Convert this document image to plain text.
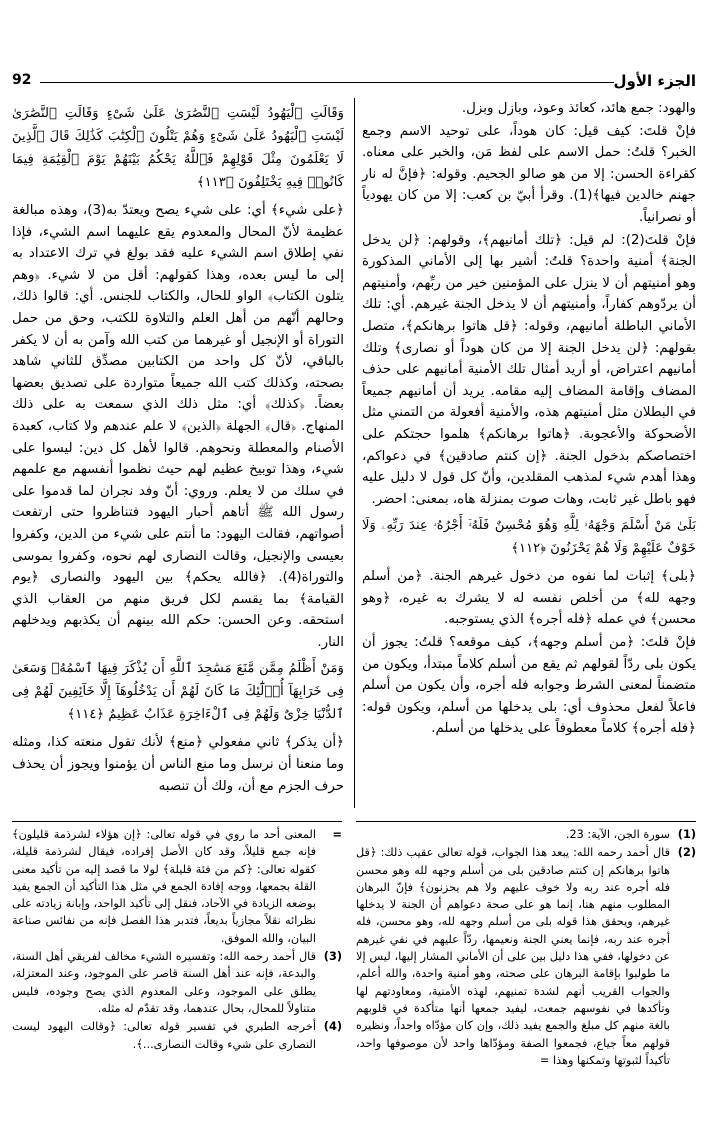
الجزء الأول
92

والهود: جمع هائد، كعائذ وعوذ، وبازل وبزل.

فإنْ قلتَ: كيف قيل: كان هوداً، على توحيد الاسم وجمع الخبر؟ قلتُ: حمل الاسم على لفظ مَن، والخبر على معناه. كقراءة الحسن: إلا من هو صالو الجحيم. وقوله: ﴿فإنَّ له نار جهنم خالدين فيها﴾(1). وقرأ أبيّ بن كعب: إلا من كان يهودياً أو نصرانياً.

فإنْ قلتَ(2): لم قيل: ﴿تلك أمانيهم﴾، وقولهم: ﴿لن يدخل الجنة﴾ أمنية واحدة؟ قلتُ: أشير بها إلى الأماني المذكورة وهو أمنيتهم أن لا ينزل على المؤمنين خير من ربِّهم، وأمنيتهم أن يردّوهم كفاراً، وأمنيتهم أن لا يدخل الجنة غيرهم. أي: تلك الأماني الباطلة أمانيهم، وقوله: ﴿قل هاتوا برهانكم﴾، متصل بقولهم: ﴿لن يدخل الجنة إلا من كان هوداً أو نصارى﴾ وتلك أمانيهم اعتراض، أو أريد أمثال تلك الأمنية أمانيهم على حذف المضاف وإقامة المضاف إليه مقامه. يريد أن أمانيهم جميعاً في البطلان مثل أمنيتهم هذه، والأمنية أفعولة من التمني مثل الأضحوكة والأعجوبة. ﴿هاتوا برهانكم﴾ هلموا حجتكم على اختصاصكم بدخول الجنة. ﴿إن كنتم صادقين﴾ في دعواكم، وهذا أهدم شيء لمذهب المقلدين، وأنّ كل قول لا دليل عليه فهو باطل غير ثابت، وهات صوت بمنزلة هاه، بمعنى: احضر.

بَلَىٰ مَنْ أَسْلَمَ وَجْهَهُۥ لِلَّهِ وَهُوَ مُحْسِنٌ فَلَهُۥٓ أَجْرُهُۥ عِندَ رَبِّهِۦ وَلَا خَوْفٌ عَلَيْهِمْ وَلَا هُمْ يَحْزَنُونَ ﴿١١٢﴾

﴿بلى﴾ إثبات لما نفوه من دخول غيرهم الجنة. ﴿من أسلم وجهه لله﴾ من أخلص نفسه له لا يشرك به غيره، ﴿وهو محسن﴾ في عمله ﴿فله أجره﴾ الذي يستوجبه.

فإنْ قلتَ: ﴿من أسلم وجهه﴾، كيف موقعه؟ قلتُ: يجوز أن يكون بلى ردّاً لقولهم ثم يقع من أسلم كلاماً مبتدأ، ويكون من متضمناً لمعنى الشرط وجوابه فله أجره، وأن يكون من أسلم فاعلاً لفعل محذوف أي: بلى يدخلها من أسلم، ويكون قوله: ﴿فله أجره﴾ كلاماً معطوفاً على يدخلها من أسلم.

وَقَالَتِ ٱلْيَهُودُ لَيْسَتِ ٱلنَّصَٰرَىٰ عَلَىٰ شَىْءٍ وَقَالَتِ ٱلنَّصَٰرَىٰ لَيْسَتِ ٱلْيَهُودُ عَلَىٰ شَىْءٍ وَهُمْ يَتْلُونَ ٱلْكِتَٰبَ كَذَٰلِكَ قَالَ ٱلَّذِينَ لَا يَعْلَمُونَ مِثْلَ قَوْلِهِمْ فَٱللَّهُ يَحْكُمُ بَيْنَهُمْ يَوْمَ ٱلْقِيَٰمَةِ فِيمَا كَانُوا۟ فِيهِ يَخْتَلِفُونَ ﴿١١٣﴾

﴿على شيء﴾ أي: على شيء يصح ويعتدّ به(3)، وهذه مبالغة عظيمة لأنّ المحال والمعدوم يقع عليهما اسم الشيء، فإذا نفي إطلاق اسم الشيء عليه فقد بولغ في ترك الاعتداد به إلى ما ليس بعده، وهذا كقولهم: أقل من لا شيء. ﴿وهم يتلون الكتاب﴾ الواو للحال، والكتاب للجنس. أي: قالوا ذلك، وحالهم أنّهم من أهل العلم والتلاوة للكتب، وحق من حمل التوراة أو الإنجيل أو غيرهما من كتب الله وآمن به أن لا يكفر بالباقي، لأنّ كل واحد من الكتابين مصدِّق للثاني شاهد بصحته، وكذلك كتب الله جميعاً متواردة على تصديق بعضها بعضاً. ﴿كذلك﴾ أي: مثل ذلك الذي سمعت به على ذلك المنهاج. ﴿قال﴾ الجهلة ﴿الذين﴾ لا علم عندهم ولا كتاب، كعبدة الأصنام والمعطلة ونحوهم. قالوا لأهل كل دين: ليسوا على شيء، وهذا توبيخ عظيم لهم حيث نظموا أنفسهم مع علمهم في سلك من لا يعلم. وروي: أنّ وفد نجران لما قدموا على رسول الله ﷺ أتاهم أحبار اليهود فتناظروا حتى ارتفعت أصواتهم، فقالت اليهود: ما أنتم على شيء من الدين، وكفروا بعيسى والإنجيل، وقالت النصارى لهم نحوه، وكفروا بموسى والتوراة(4). ﴿فالله يحكم﴾ بين اليهود والنصارى ﴿يوم القيامة﴾ بما يقسم لكل فريق منهم من العقاب الذي استحقه. وعن الحسن: حكم الله بينهم أن يكذبهم ويدخلهم النار.

وَمَنْ أَظْلَمُ مِمَّن مَّنَعَ مَسَٰجِدَ ٱللَّهِ أَن يُذْكَرَ فِيهَا ٱسْمُهُۥ وَسَعَىٰ فِى خَرَابِهَآ أُو۟لَٰٓئِكَ مَا كَانَ لَهُمْ أَن يَدْخُلُوهَآ إِلَّا خَآئِفِينَ لَهُمْ فِى ٱلدُّنْيَا خِزْىٌ وَلَهُمْ فِى ٱلْءَاخِرَةِ عَذَابٌ عَظِيمٌ ﴿١١٤﴾

﴿أن يذكر﴾ ثاني مفعولي ﴿منع﴾ لأنك تقول منعته كذا، ومثله وما منعنا أن نرسل وما منع الناس أن يؤمنوا ويجوز أن يحذف حرف الجزم مع أن، ولك أن تنصبه

(1)
سورة الجن، الآية: 23.
(2)
قال أحمد رحمه الله: يبعد هذا الجواب، قوله تعالى عقيب ذلك: ﴿قل هاتوا برهانكم إن كنتم صادقين بلى من أسلم وجهه لله وهو محسن فله أجره عند ربه ولا خوف عليهم ولا هم يحزنون﴾ فإنّ البرهان المطلوب منهم هنا، إنما هو على صحة دعواهم أن الجنة لا يدخلها غيرهم، ويحقق هذا قوله بلى من أسلم وجهه لله، وهو محسن، فله أجره عند ربه، فإنما يعني الجنة ونعيمها، ردّاً عليهم في نفي غيرهم عن دخولها، ففي هذا دليل بين على أن الأماني المشار إليها، ليس إلا ما طولبوا بإقامة البرهان على صحته، وهو أمنية واحدة، والله أعلم، والجواب القريب أنهم لشدة تمنيهم، لهذه الأمنية، ومعاودتهم لها وتأكدها في نفوسهم جمعت، ليفيد جمعها أنها متأكدة في قلوبهم بالغة منهم كل مبلغ والجمع يفيد ذلك، وإن كان مؤدّاه واحداً، ونظيره قولهم معاً جياع، فجمعوا الصفة ومؤدّاها واحد لأن موصوفها واحد، تأكيداً لثبوتها وتمكنها وهذا =
=
المعنى أحد ما روي في قوله تعالى: ﴿إن هؤلاء لشرذمة قليلون﴾ فإنه جمع قليلاً، وقد كان الأصل إفراده، فيقال لشرذمة قليلة، كقوله تعالى: ﴿كم من فئة قليلة﴾ لولا ما قصد إليه من تأكيد معنى القلة بجمعها، ووجه إفادة الجمع في مثل هذا التأكيد أن الجمع يفيد بوضعه الزيادة في الآحاد، فنقل إلى تأكيد الواحد، وإبانة زيادته على نظرائه نقلاً مجازياً بديعاً، فتدبر هذا الفصل فإنه من نفائس صناعة البيان، والله الموفق.
(3)
قال أحمد رحمه الله: وتفسيره الشيء مخالف لفريقي أهل السنة، والبدعة، فإنه عند أهل السنة قاصر على الموجود، وعند المعتزلة، يطلق على الموجود، وعلى المعدوم الذي يصح وجوده، فليس متناولاً للمحال، بحال عندهما، وقد تقدّم له مثله.
(4)
أخرجه الطبري في تفسير قوله تعالى: ﴿وقالت اليهود ليست النصارى على شيء وقالت النصارى...﴾.
